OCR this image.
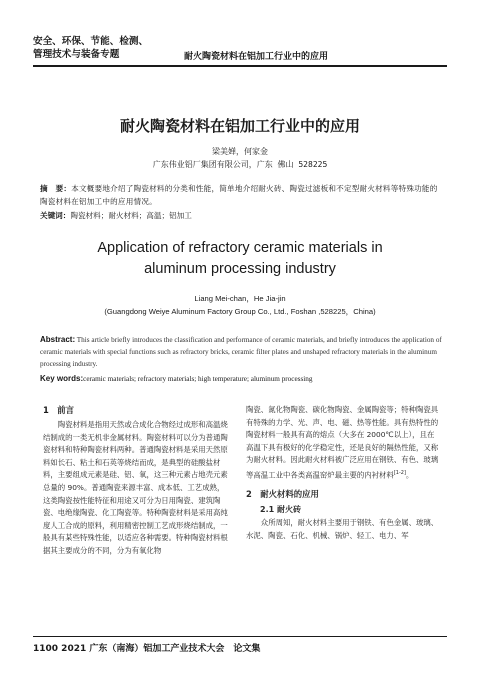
安全、环保、节能、检测、
管理技术与装备专题	耐火陶瓷材料在铝加工行业中的应用
耐火陶瓷材料在铝加工行业中的应用
梁美婵，何家金
广东伟业铝厂集团有限公司，广东 佛山 528225
摘　要：本文概要地介绍了陶瓷材料的分类和性能，简单地介绍耐火砖、陶瓷过滤板和不定型耐火材料等特殊功能的陶瓷材料在铝加工中的应用情况。
关键词：陶瓷材料；耐火材料；高温；铝加工
Application of refractory ceramic materials in
aluminum processing industry
Liang Mei-chan，He Jia-jin
(Guangdong Weiye Aluminum Factory Group Co., Ltd., Foshan ,528225，China)
Abstract: This article briefly introduces the classification and performance of ceramic materials, and briefly introduces the application of ceramic materials with special functions such as refractory bricks, ceramic filter plates and unshaped refractory materials in the aluminum processing industry.
Key words:ceramic materials; refractory materials; high temperature; aluminum processing
1　前言

陶瓷材料是指用天然或合成化合物经过成形和高温烧结制成的一类无机非金属材料。陶瓷材料可以分为普通陶瓷材料和特种陶瓷材料两种。普通陶瓷材料是采用天然原料如长石、粘土和石英等烧结而成，是典型的硅酸盐材料，主要组成元素是硅、铝、氧，这三种元素占地壳元素总量的 90%。普通陶瓷来源丰富、成本低、工艺成熟，这类陶瓷按性能特征和用途又可分为日用陶瓷、建筑陶瓷、电绝缘陶瓷、化工陶瓷等。特种陶瓷材料是采用高纯度人工合成的原料，利用精密控制工艺成形烧结制成，一般具有某些特殊性能，以适应各种需要。特种陶瓷材料根据其主要成分的不同，分为有氧化物

陶瓷、氮化物陶瓷、碳化物陶瓷、金属陶瓷等；特种陶瓷具有特殊的力学、光、声、电、磁、热等性能。具有热特性的陶瓷材料一般具有高的熔点（大多在 2000℃以上），且在高温下具有极好的化学稳定性，还是良好的隔热性能，又称为耐火材料。因此耐火材料被广泛应用在钢铁、有色、玻璃等高温工业中各类高温窑炉最主要的内衬材料[1-2]。

2　耐火材料的应用
2.1 耐火砖

众所周知，耐火材料主要用于钢铁、有色金属、玻璃、水泥、陶瓷、石化、机械、锅炉、轻工、电力、军

1100 2021 广东（南海）铝加工产业技术大会　论文集
